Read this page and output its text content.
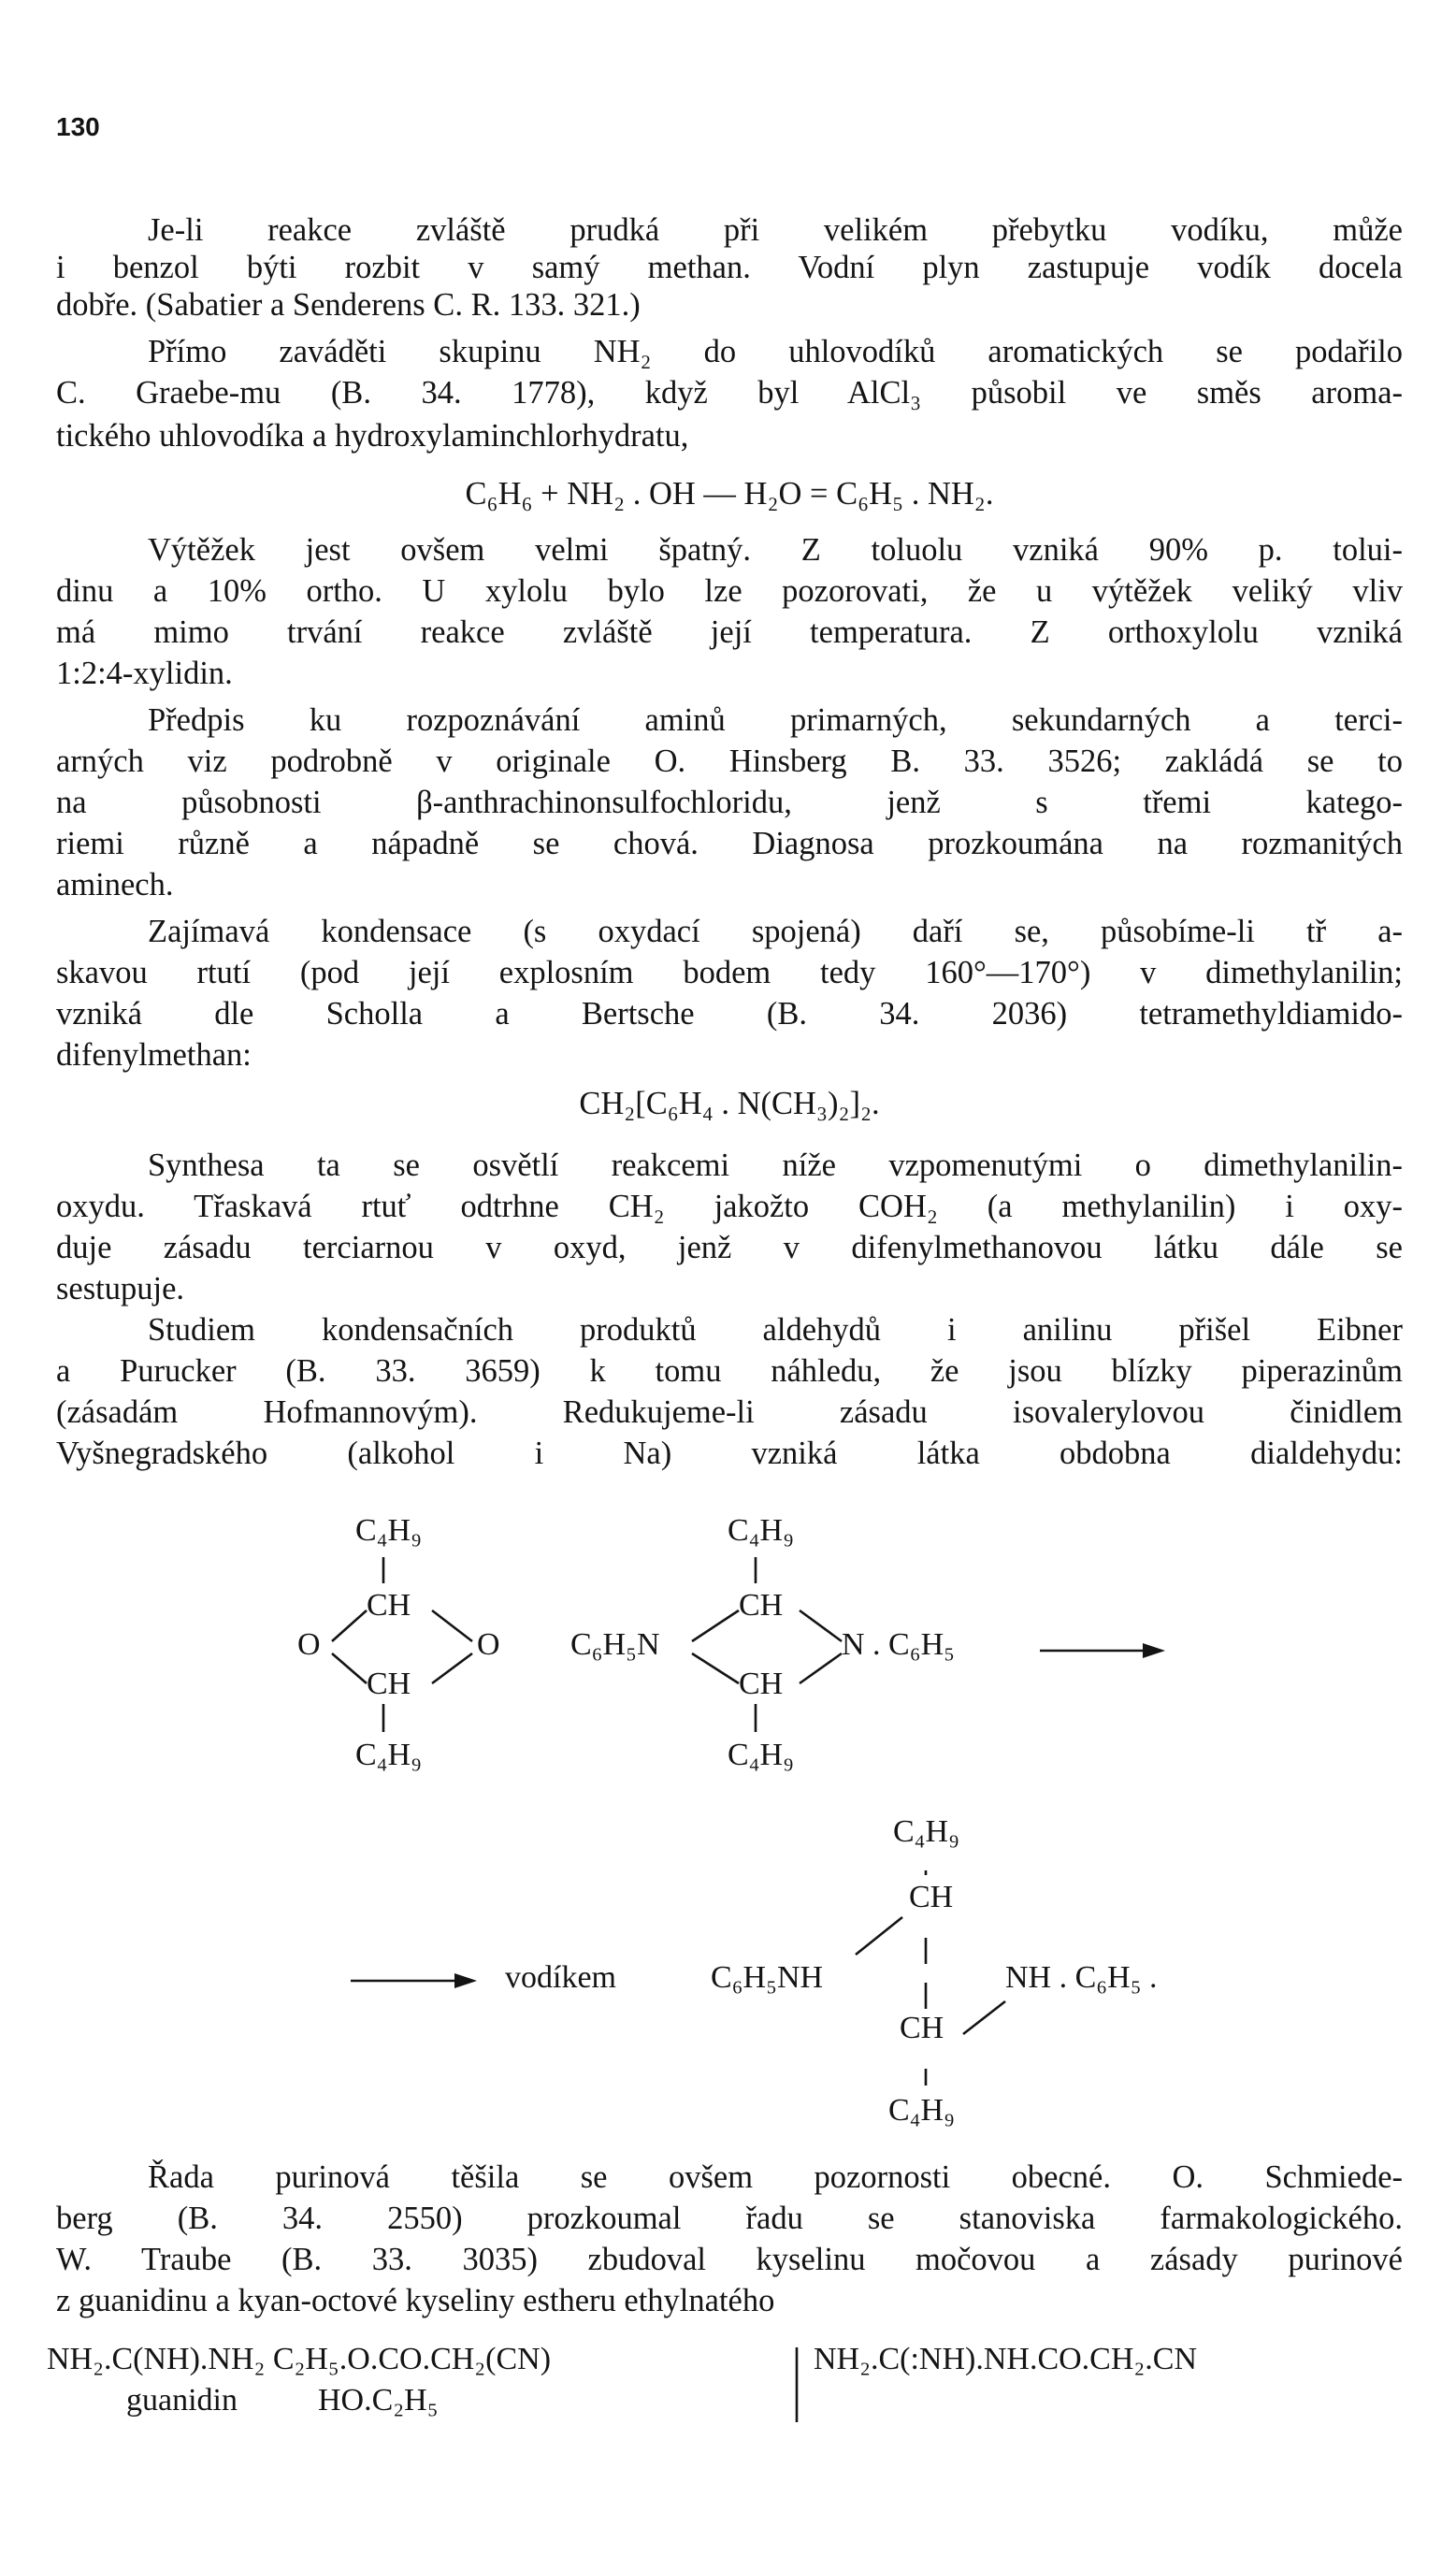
130
Je-li reakce zvláště prudká při velikém přebytku vodíku, může
i benzol býti rozbit v samý methan. Vodní plyn zastupuje vodík docela
dobře. (Sabatier a Senderens C. R. 133. 321.)
Přímo zaváděti skupinu NH₂ do uhlovodíků aromatických se podařilo
C. Graebe-mu (B. 34. 1778), když byl AlCl₃ působil ve směs aroma-
tického uhlovodíka a hydroxylaminchlorhydratu,
C₆H₆ + NH₂ . OH — H₂O = C₆H₅ . NH₂.
Výtěžek jest ovšem velmi špatný. Z toluolu vzniká 90% p. tolui-
dinu a 10% ortho. U xylolu bylo lze pozorovati, že u výtěžek veliký vliv
má mimo trvání reakce zvláště její temperatura. Z orthoxylolu vzniká
1:2:4-xylidin.
Předpis ku rozpoznávání aminů primarných, sekundarných a terci-
arných viz podrobně v originale O. Hinsberg B. 33. 3526; zakládá se to
na působnosti β-anthrachinonsulfochloridu, jenž s třemi katego-
riemi různě a nápadně se chová. Diagnosa prozkoumána na rozmanitých
aminech.
Zajímavá kondensace (s oxydací spojená) daří se, působíme-li tř a-
skavou rtutí (pod její explosním bodem tedy 160°—170°) v dimethylanilin;
vzniká dle Scholla a Bertsche (B. 34. 2036) tetramethyldiamido-
difenylmethan:
CH₂[C₆H₄ . N(CH₃)₂]₂.
Synthesa ta se osvětlí reakcemi níže vzpomenutými o dimethylanilin-
oxydu. Třaskavá rtuť odtrhne CH₂ jakožto COH₂ (a methylanilin) i oxy-
duje zásadu terciarnou v oxyd, jenž v difenylmethanovou látku dále se
sestupuje.
Studiem kondensačních produktů aldehydů i anilinu přišel Eibner
a Purucker (B. 33. 3659) k tomu náhledu, že jsou blízky piperazinům
(zásadám Hofmannovým). Redukujeme-li zásadu isovalerylovou činidlem
Vyšnegradského (alkohol i Na) vzniká látka obdobna dialdehydu:
C₄H₉
CH
O	O
CH
C₄H₉
C₄H₉
CH
C₆H₅N	N . C₆H₅
CH
C₄H₉
C₄H₉
CH
vodíkem	C₆H₅NH	NH . C₆H₅ .
CH
C₄H₉
Řada purinová těšila se ovšem pozornosti obecné. O. Schmiede-
berg (B. 34. 2550) prozkoumal řadu se stanoviska farmakologického.
W. Traube (B. 33. 3035) zbudoval kyselinu močovou a zásady purinové
z guanidinu a kyan-octové kyseliny estheru ethylnatého
NH₂.C(NH).NH₂ C₂H₅.O.CO.CH₂(CN)
guanidin	HO.C₂H₅
NH₂.C(:NH).NH.CO.CH₂.CN
